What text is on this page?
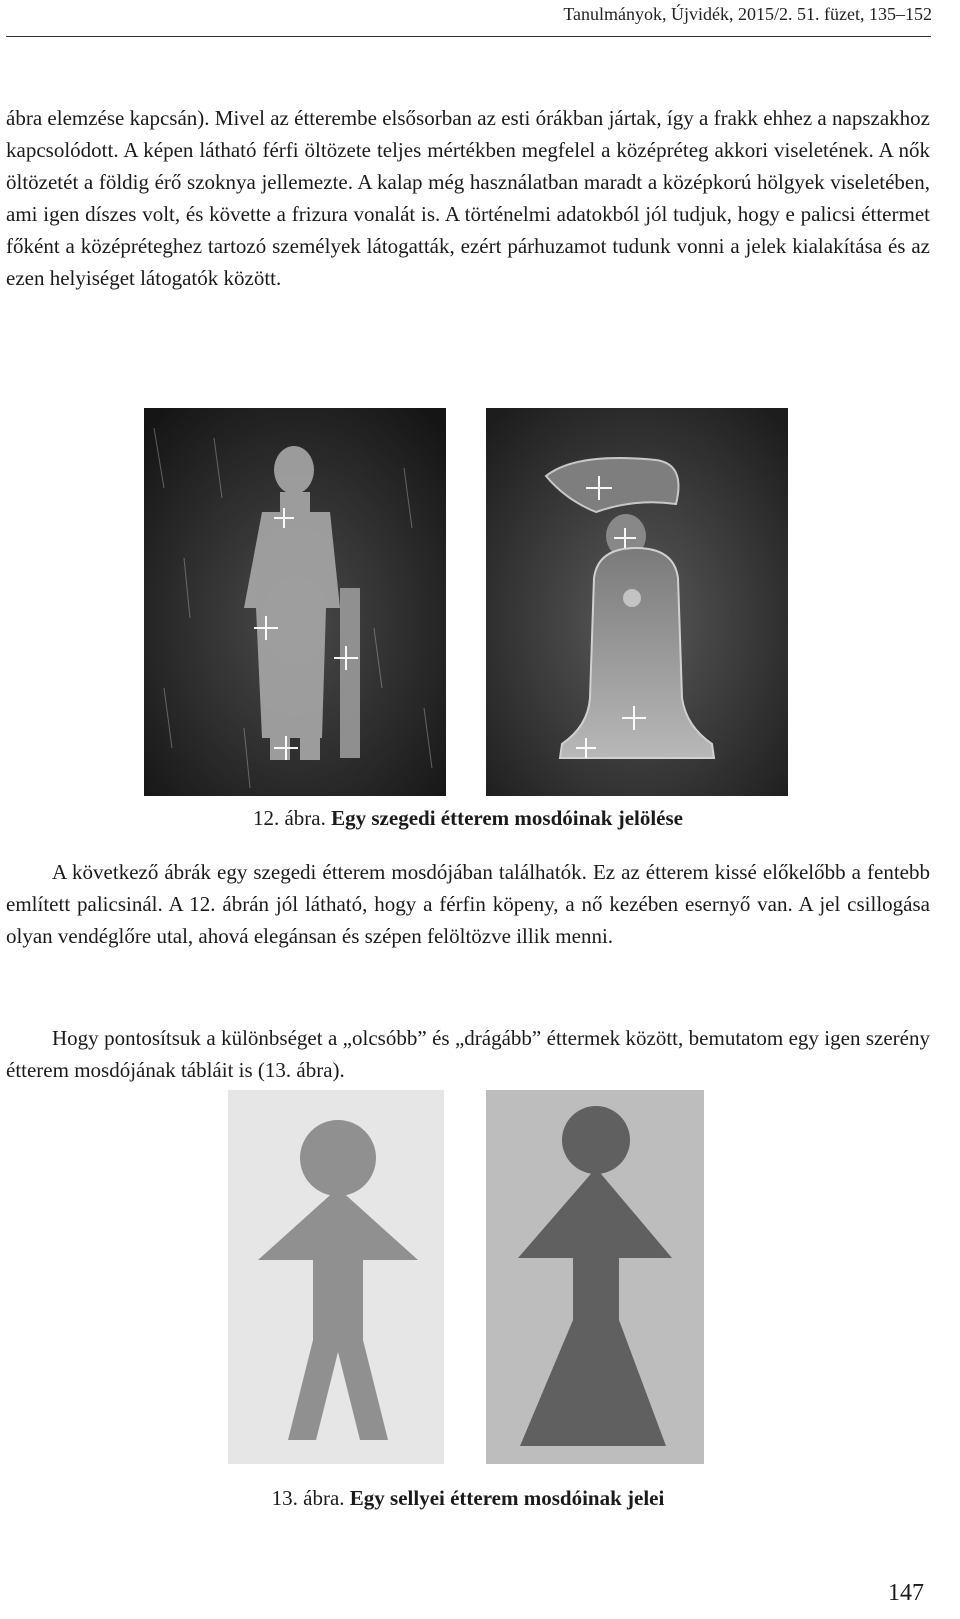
Tanulmányok, Újvidék, 2015/2. 51. füzet, 135–152

ábra elemzése kapcsán). Mivel az étterembe elsősorban az esti órákban jártak, így a frakk ehhez a napszakhoz kapcsolódott. A képen látható férfi öltözete teljes mértékben megfelel a középréteg akkori viseletének. A nők öltözetét a földig érő szoknya jellemezte. A kalap még használatban maradt a középkorú hölgyek viseletében, ami igen díszes volt, és követte a frizura vonalát is. A történelmi adatokból jól tudjuk, hogy e palicsi éttermet főként a középréteghez tartozó személyek látogatták, ezért párhuzamot tudunk vonni a jelek kialakítása és az ezen helyiséget látogatók között.

12. ábra. Egy szegedi étterem mosdóinak jelölése

A következő ábrák egy szegedi étterem mosdójában találhatók. Ez az étterem kissé előkelőbb a fentebb említett palicsinál. A 12. ábrán jól látható, hogy a férfin köpeny, a nő kezében esernyő van. A jel csillogása olyan vendéglőre utal, ahová elegánsan és szépen felöltözve illik menni.

Hogy pontosítsuk a különbséget a „olcsóbb” és „drágább” éttermek között, bemutatom egy igen szerény étterem mosdójának tábláit is (13. ábra).

13. ábra. Egy sellyei étterem mosdóinak jelei
147
